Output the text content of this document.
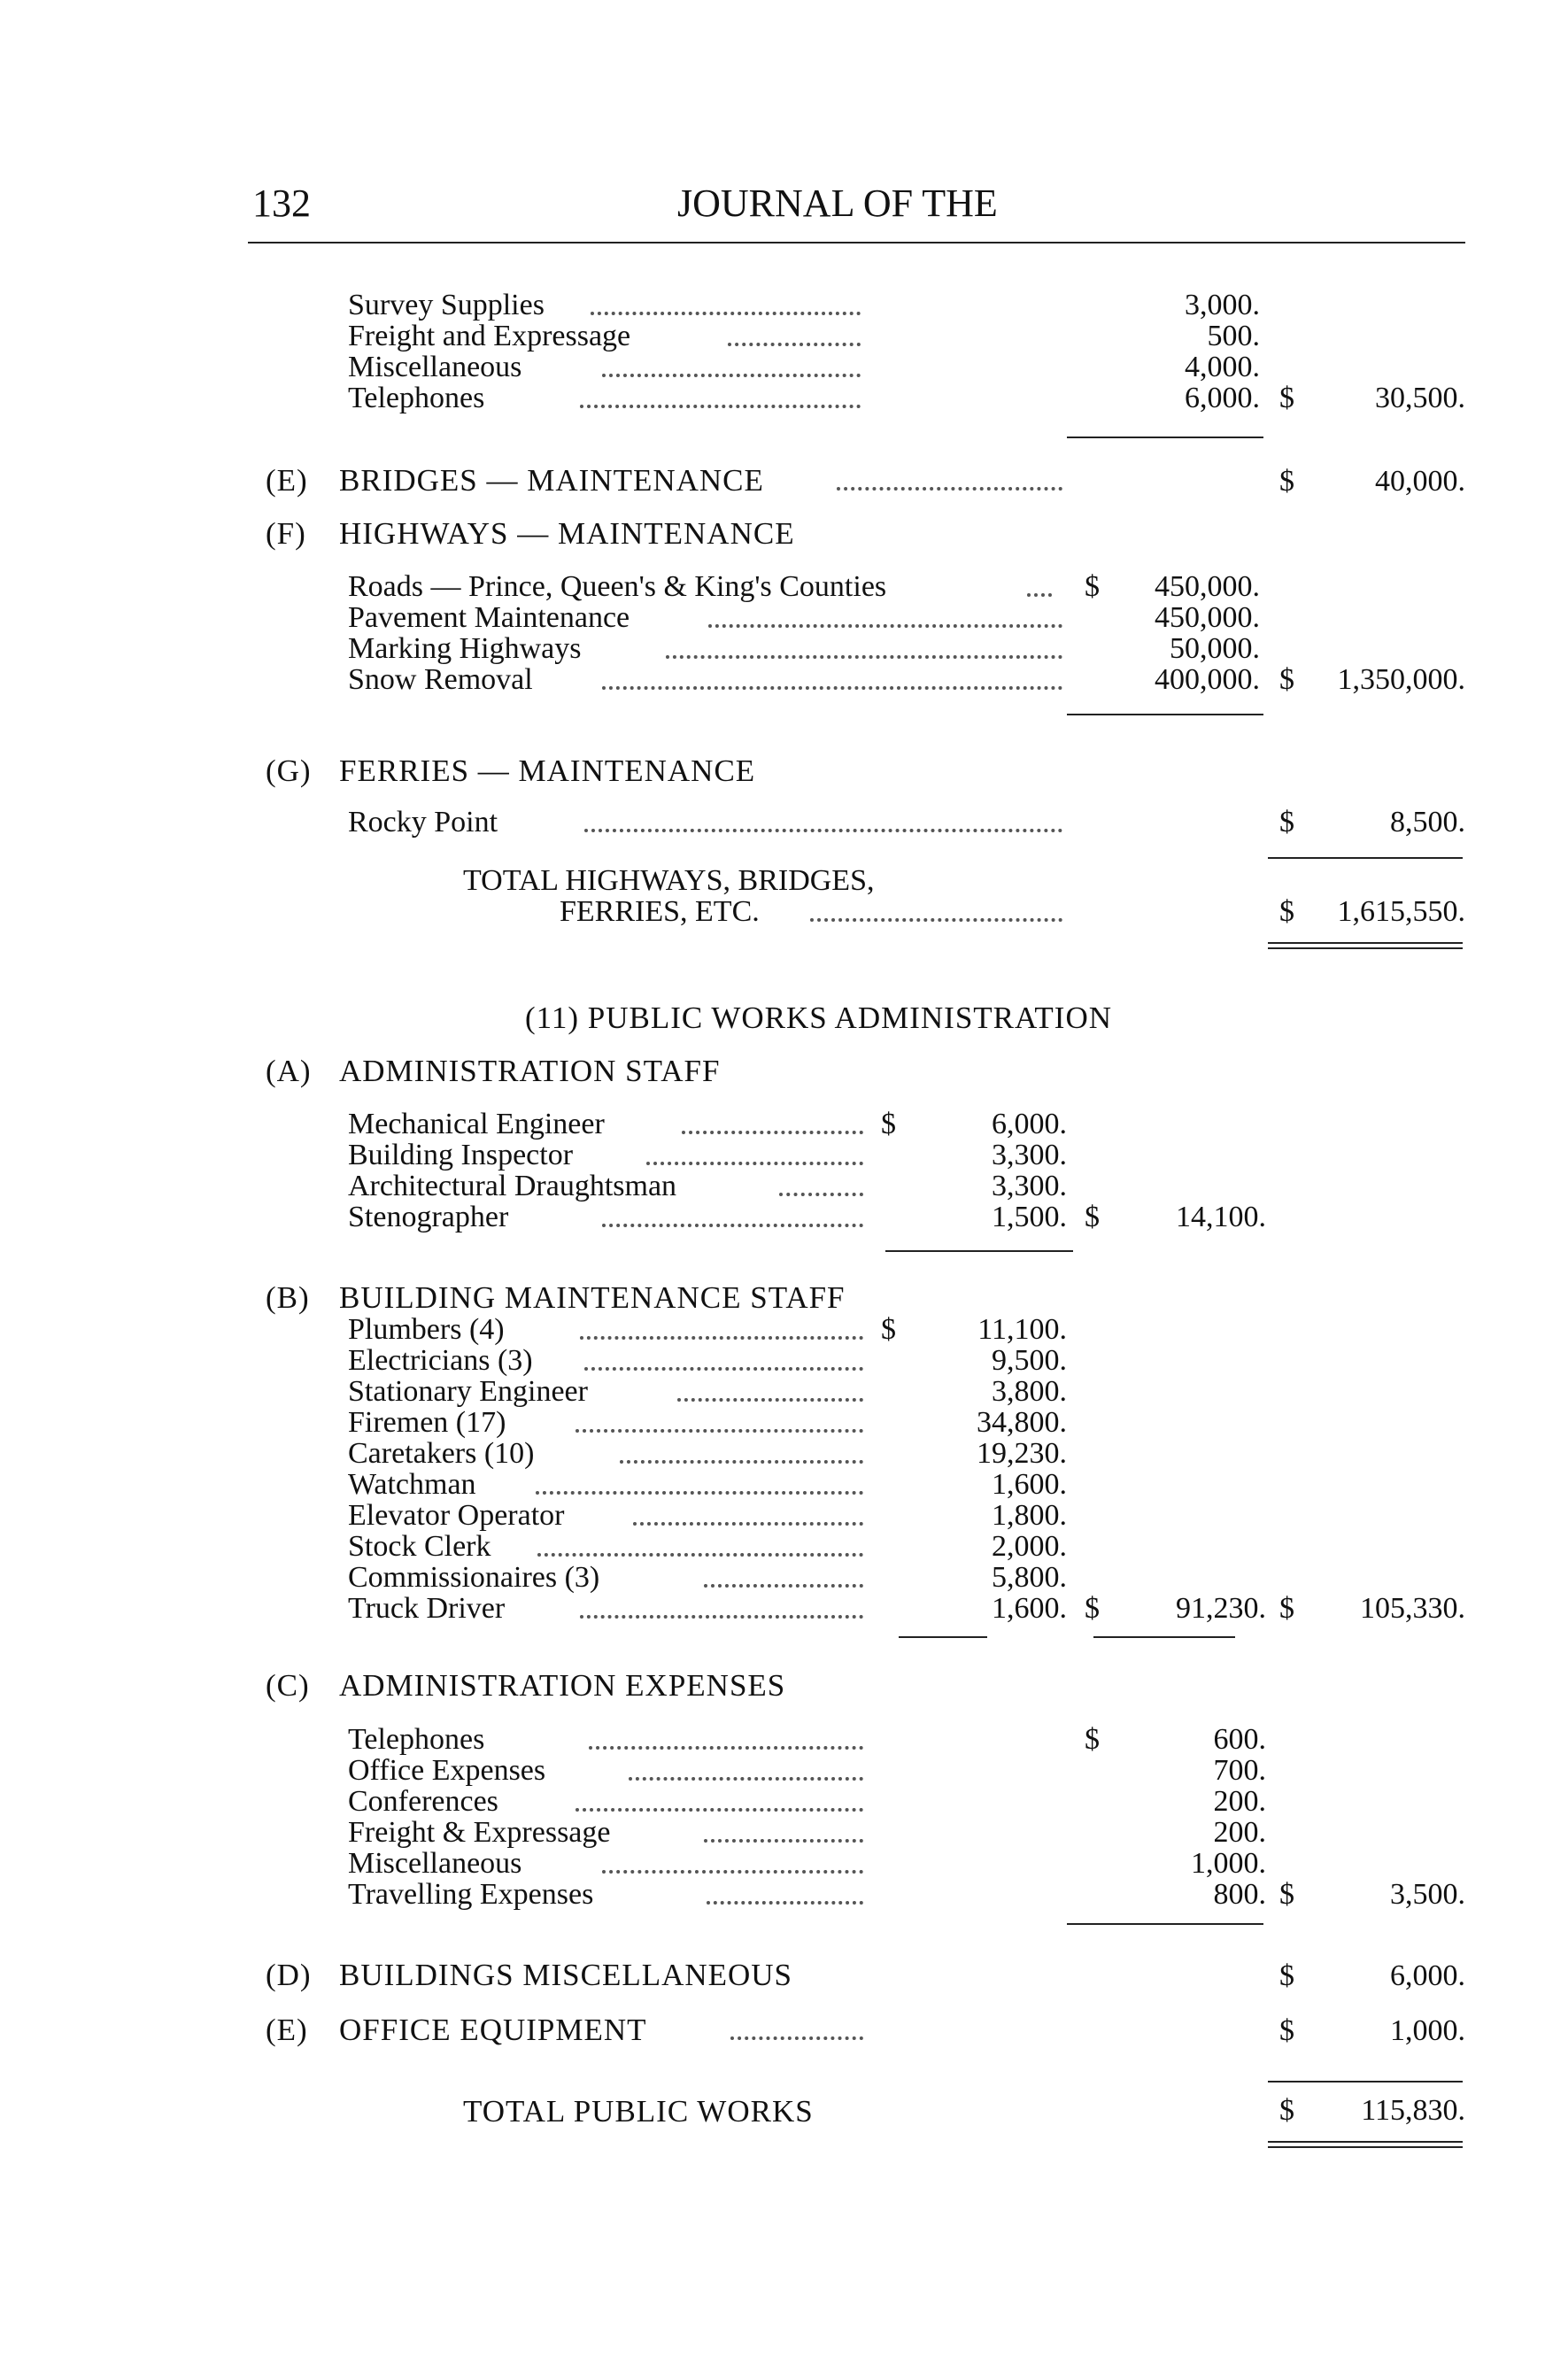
132	JOURNAL OF THE
Survey Supplies	3,000.
Freight and Expressage	500.
Miscellaneous	4,000.
Telephones	6,000. $	30,500.
(E) BRIDGES — MAINTENANCE	$	40,000.
(F) HIGHWAYS — MAINTENANCE
Roads — Prince, Queen's & King's Counties	$	450,000.
Pavement Maintenance	450,000.
Marking Highways	50,000.
Snow Removal	400,000. $	1,350,000.
(G) FERRIES — MAINTENANCE
Rocky Point	$	8,500.
TOTAL HIGHWAYS, BRIDGES,
FERRIES, ETC.	$	1,615,550.
(11) PUBLIC WORKS ADMINISTRATION
(A) ADMINISTRATION STAFF
Mechanical Engineer	$	6,000.
Building Inspector	3,300.
Architectural Draughtsman	3,300.
Stenographer	1,500. $	14,100.
(B) BUILDING MAINTENANCE STAFF
Plumbers (4)	$	11,100.
Electricians (3)	9,500.
Stationary Engineer	3,800.
Firemen (17)	34,800.
Caretakers (10)	19,230.
Watchman	1,600.
Elevator Operator	1,800.
Stock Clerk	2,000.
Commissionaires (3)	5,800.
Truck Driver	1,600. $	91,230. $	105,330.
(C) ADMINISTRATION EXPENSES
Telephones	$	600.
Office Expenses	700.
Conferences	200.
Freight & Expressage	200.
Miscellaneous	1,000.
Travelling Expenses	800. $	3,500.
(D) BUILDINGS MISCELLANEOUS	$	6,000.
(E) OFFICE EQUIPMENT	$	1,000.
TOTAL PUBLIC WORKS	$	115,830.
